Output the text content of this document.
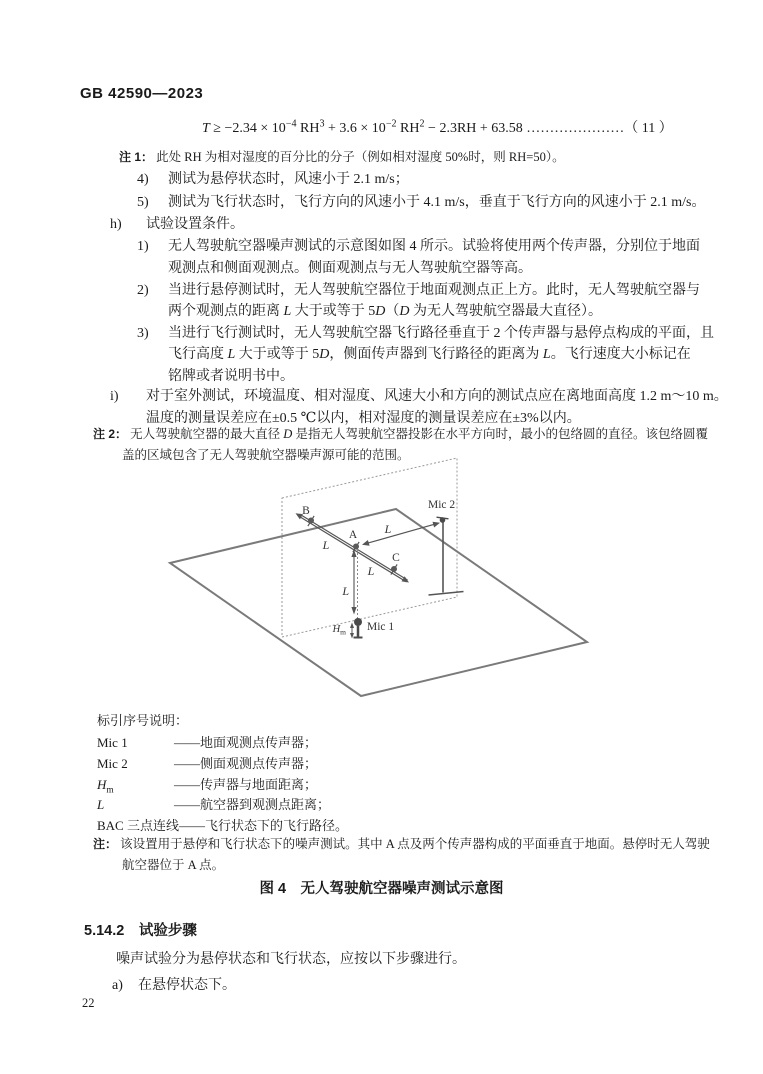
GB 42590—2023
$T \ge -2.34 \times 10^{-4}$ $RH^3 + 3.6 \times 10^{-2}$ $RH^2 - 2.3RH + 63.58$ …………………（ 11 ）
注 1： 此处 RH 为相对湿度的百分比的分子（例如相对湿度 50%时，则 RH=50）。
4) 测试为悬停状态时，风速小于 2.1 m/s；
5) 测试为飞行状态时，飞行方向的风速小于 4.1 m/s，垂直于飞行方向的风速小于 2.1 m/s。
h) 试验设置条件。
1) 无人驾驶航空器噪声测试的示意图如图 4 所示。试验将使用两个传声器，分别位于地面
观测点和侧面观测点。侧面观测点与无人驾驶航空器等高。
2) 当进行悬停测试时，无人驾驶航空器位于地面观测点正上方。此时，无人驾驶航空器与
两个观测点的距离 L 大于或等于 5D（D 为无人驾驶航空器最大直径）。
3) 当进行飞行测试时，无人驾驶航空器飞行路径垂直于 2 个传声器与悬停点构成的平面，且
飞行高度 L 大于或等于 5D，侧面传声器到飞行路径的距离为 L。飞行速度大小标记在
铭牌或者说明书中。
i) 对于室外测试，环境温度、相对湿度、风速大小和方向的测试点应在离地面高度 1.2 m～10 m。
温度的测量误差应在±0.5 ℃以内，相对湿度的测量误差应在±3%以内。
注 2： 无人驾驶航空器的最大直径 D 是指无人驾驶航空器投影在水平方向时，最小的包络圆的直径。该包络圆覆
盖的区域包含了无人驾驶航空器噪声源可能的范围。
B
A
C
Mic 2
Mic 1
L
L
L
L
Hm
标引序号说明：
Mic 1	——地面观测点传声器；
Mic 2	——侧面观测点传声器；
$H_m$	——传声器与地面距离；
L	——航空器到观测点距离；
BAC 三点连线——飞行状态下的飞行路径。
注： 该设置用于悬停和飞行状态下的噪声测试。其中 A 点及两个传声器构成的平面垂直于地面。悬停时无人驾驶
航空器位于 A 点。
图 4  无人驾驶航空器噪声测试示意图
5.14.2  试验步骤
噪声试验分为悬停状态和飞行状态，应按以下步骤进行。
a) 在悬停状态下。
22
